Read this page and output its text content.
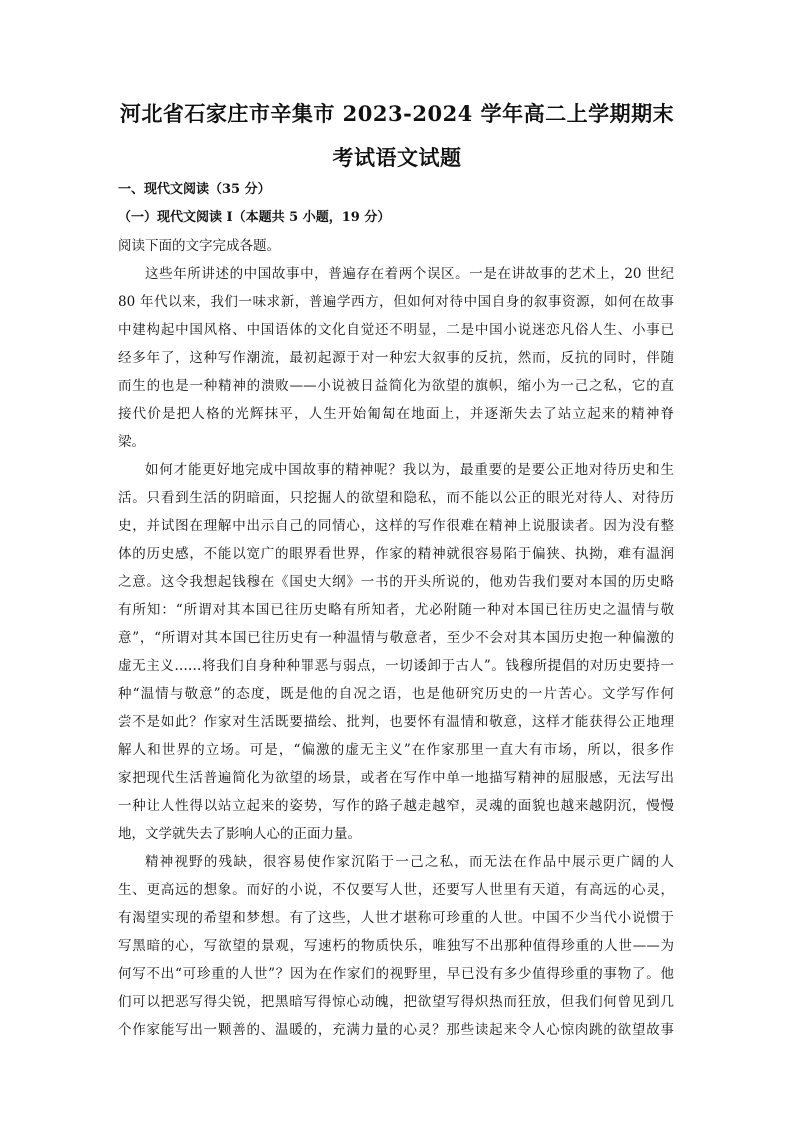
河北省石家庄市辛集市 2023-2024 学年高二上学期期末
考试语文试题
一、现代文阅读（35 分）
（一）现代文阅读 I（本题共 5 小题，19 分）
阅读下面的文字完成各题。
这些年所讲述的中国故事中，普遍存在着两个误区。一是在讲故事的艺术上，20 世纪
80 年代以来，我们一味求新，普遍学西方，但如何对待中国自身的叙事资源，如何在故事
中建构起中国风格、中国语体的文化自觉还不明显，二是中国小说迷恋凡俗人生、小事已
经多年了，这种写作潮流，最初起源于对一种宏大叙事的反抗，然而，反抗的同时，伴随
而生的也是一种精神的溃败——小说被日益简化为欲望的旗帜，缩小为一己之私，它的直
接代价是把人格的光辉抹平，人生开始匍匐在地面上，并逐渐失去了站立起来的精神脊
梁。
如何才能更好地完成中国故事的精神呢？我以为，最重要的是要公正地对待历史和生
活。只看到生活的阴暗面，只挖掘人的欲望和隐私，而不能以公正的眼光对待人、对待历
史，并试图在理解中出示自己的同情心，这样的写作很难在精神上说服读者。因为没有整
体的历史感，不能以宽广的眼界看世界，作家的精神就很容易陷于偏狭、执拗，难有温润
之意。这令我想起钱穆在《国史大纲》一书的开头所说的，他劝告我们要对本国的历史略
有所知：“所谓对其本国已往历史略有所知者，尤必附随一种对本国已往历史之温情与敬
意”，“所谓对其本国已往历史有一种温情与敬意者，至少不会对其本国历史抱一种偏激的
虚无主义……将我们自身种种罪恶与弱点，一切诿卸于古人”。钱穆所提倡的对历史要持一
种“温情与敬意”的态度，既是他的自况之语，也是他研究历史的一片苦心。文学写作何
尝不是如此？作家对生活既要描绘、批判，也要怀有温情和敬意，这样才能获得公正地理
解人和世界的立场。可是，“偏激的虚无主义”在作家那里一直大有市场，所以，很多作
家把现代生活普遍简化为欲望的场景，或者在写作中单一地描写精神的屈服感，无法写出
一种让人性得以站立起来的姿势，写作的路子越走越窄，灵魂的面貌也越来越阴沉，慢慢
地，文学就失去了影响人心的正面力量。
精神视野的残缺，很容易使作家沉陷于一己之私，而无法在作品中展示更广阔的人
生、更高远的想象。而好的小说，不仅要写人世，还要写人世里有天道，有高远的心灵，
有渴望实现的希望和梦想。有了这些，人世才堪称可珍重的人世。中国不少当代小说惯于
写黑暗的心，写欲望的景观，写速朽的物质快乐，唯独写不出那种值得珍重的人世——为
何写不出“可珍重的人世”？因为在作家们的视野里，早已没有多少值得珍重的事物了。他
们可以把恶写得尖锐，把黑暗写得惊心动魄，把欲望写得炽热而狂放，但我们何曾见到几
个作家能写出一颗善的、温暖的，充满力量的心灵？那些读起来令人心惊肉跳的欲望故事
